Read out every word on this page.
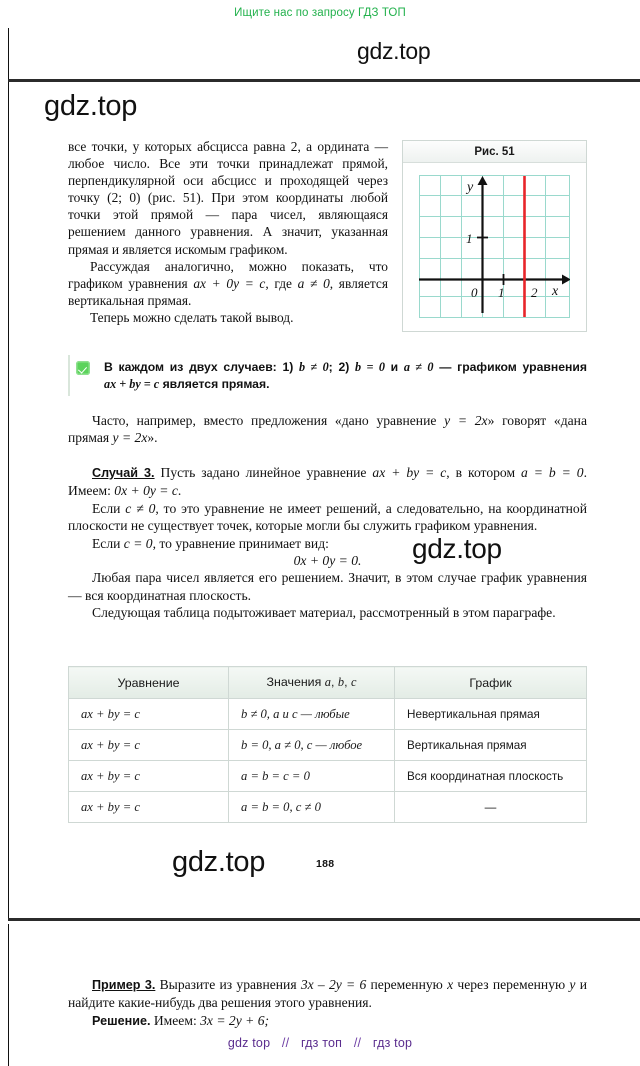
Ищите нас по запросу ГДЗ ТОП
gdz.top
gdz.top
gdz.top
gdz.top

все точки, у которых абсцисса равна 2, а ордината — любое число. Все эти точки принадлежат прямой, перпендикулярной оси абсцисс и проходящей через точку (2; 0) (рис. 51). При этом координаты любой точки этой прямой — пара чисел, являющаяся решением данного уравнения. А значит, указанная прямая и является искомым графиком.

Рассуждая аналогично, можно показать, что графиком уравнения ax + 0y = c, где a ≠ 0, является вертикальная прямая.

Теперь можно сделать такой вывод.

Рис. 51
0 1 2
1
x
y
В каждом из двух случаев: 1) b ≠ 0; 2) b = 0 и a ≠ 0 — графиком уравнения ax + by = c является прямая.

Часто, например, вместо предложения «дано уравнение y = 2x» говорят «дана прямая y = 2x».

Случай 3. Пусть задано линейное уравнение ax + by = c, в котором a = b = 0. Имеем: 0x + 0y = c.

Если c ≠ 0, то это уравнение не имеет решений, а следовательно, на координатной плоскости не существует точек, которые могли бы служить графиком уравнения.

Если c = 0, то уравнение принимает вид:

0x + 0y = 0.

Любая пара чисел является его решением. Значит, в этом случае график уравнения — вся координатная плоскость.

Следующая таблица подытоживает материал, рассмотренный в этом параграфе.

Уравнение	Значения a, b, c	График
ax + by = c	b ≠ 0, a и c — любые	Невертикальная прямая
ax + by = c	b = 0, a ≠ 0, c — любое	Вертикальная прямая
ax + by = c	a = b = c = 0	Вся координатная плоскость
ax + by = c	a = b = 0, c ≠ 0	—
188

Пример 3. Выразите из уравнения 3x – 2y = 6 переменную x через переменную y и найдите какие-нибудь два решения этого уравнения.

Решение. Имеем: 3x = 2y + 6;

gdz top // гдз топ // гдз top
